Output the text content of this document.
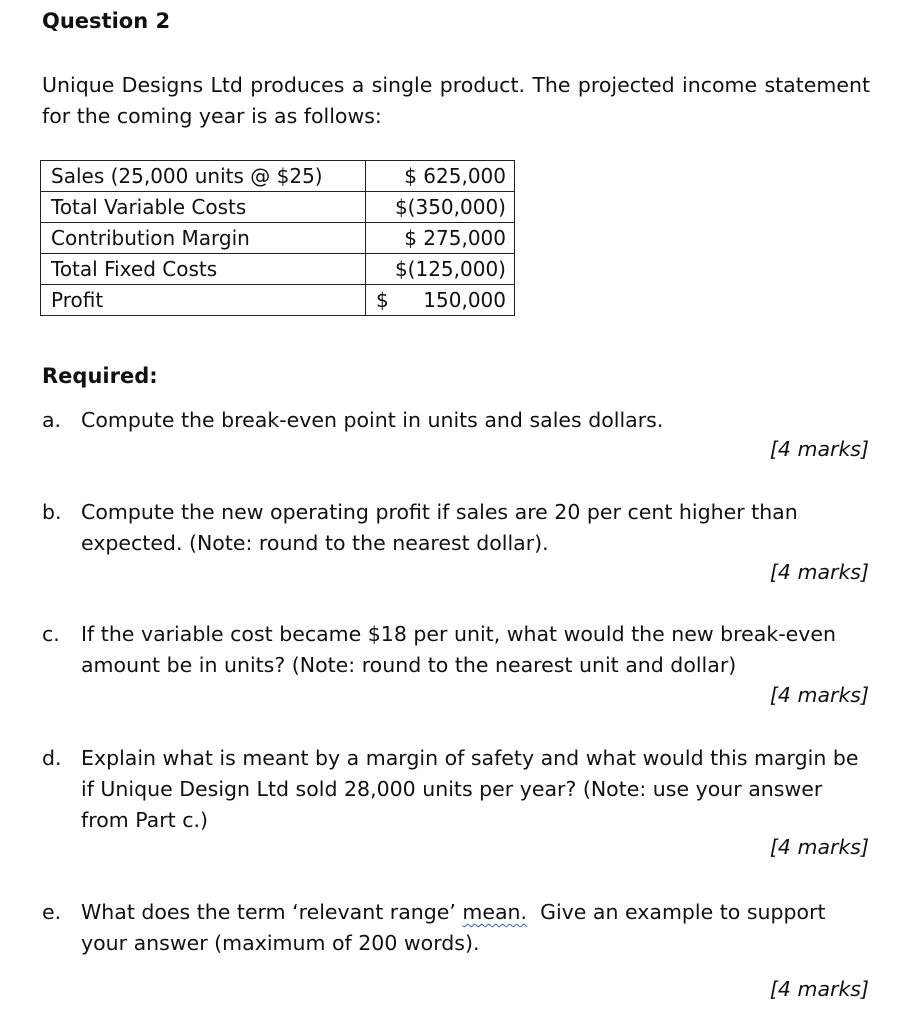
Question 2
Unique Designs Ltd produces a single product. The projected income statement for the coming year is as follows:
Sales (25,000 units @ $25)	$ 625,000
Total Variable Costs	$(350,000)
Contribution Margin	$ 275,000
Total Fixed Costs	$(125,000)
Profit	$ 150,000
Required:
a. Compute the break-even point in units and sales dollars.
[4 marks]
b. Compute the new operating profit if sales are 20 per cent higher than expected. (Note: round to the nearest dollar).
[4 marks]
c.	If the variable cost became $18 per unit, what would the new break-even amount be in units? (Note: round to the nearest unit and dollar)
[4 marks]
d. Explain what is meant by a margin of safety and what would this margin be if Unique Design Ltd sold 28,000 units per year? (Note: use your answer from Part c.)
[4 marks]
e. What does the term ‘relevant range’ mean.  Give an example to support your answer (maximum of 200 words).
[4 marks]
